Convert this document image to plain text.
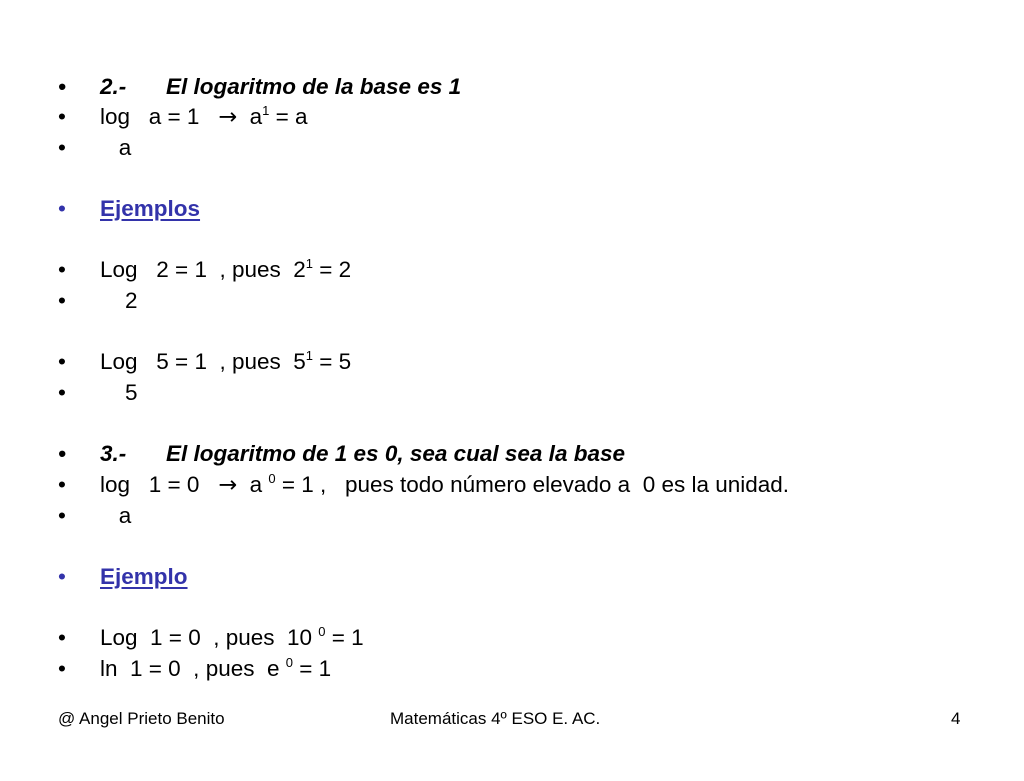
•

	2.- El logaritmo de la base es 1

•

	$\log a = 1 \to a^1 = a$

•

	a

•

	Ejemplos

•

	Log   2 = 1  , pues  $2^1 = 2$

•

	2

•

	Log   5 = 1  , pues  $5^1 = 5$

•

	5

•

	3.- El logaritmo de 1 es 0, sea cual sea la base

•

	log   1 = 0   →  a $^0$ = 1 ,   pues todo número elevado a  0 es la unidad.

•

	a

•

	Ejemplo

•

	Log  1 = 0  , pues  10 $^0$ = 1

•

	ln  1 = 0  , pues  e $^0$ = 1

@ Angel Prieto Benito	Matemáticas 4º ESO E. AC.	4
